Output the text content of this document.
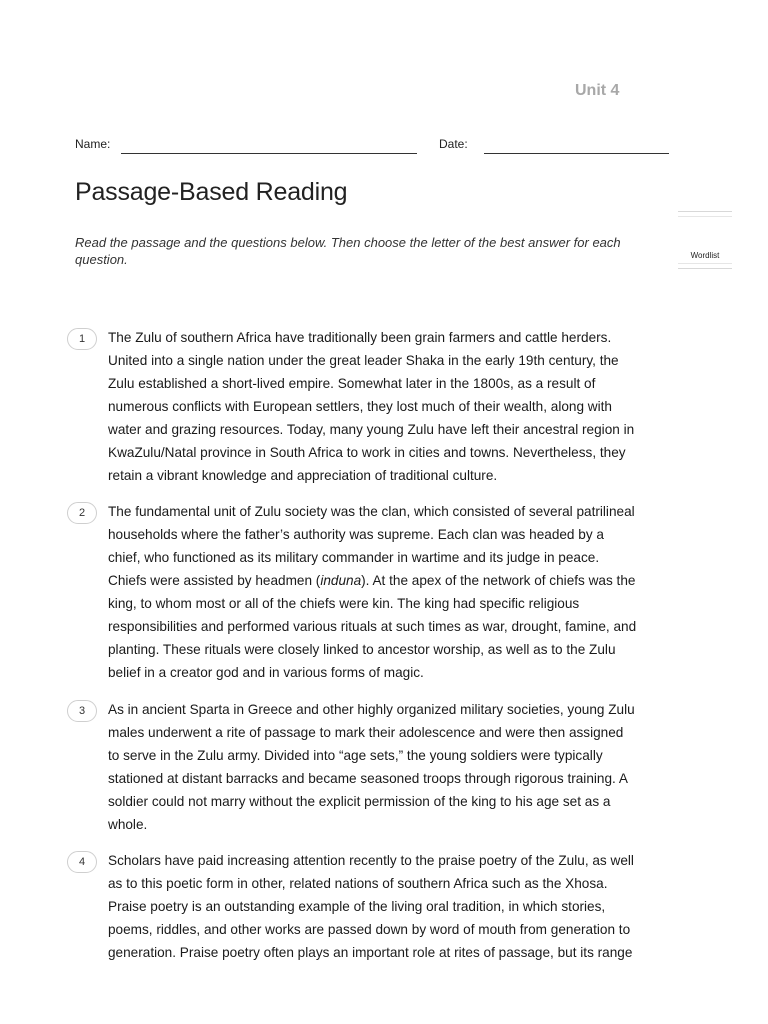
Unit 4
Name:	Date:
Passage-Based Reading
Read the passage and the questions below. Then choose the letter of the best answer for each
question.	Wordlist
1	The Zulu of southern Africa have traditionally been grain farmers and cattle herders.
United into a single nation under the great leader Shaka in the early 19th century, the
Zulu established a short-lived empire. Somewhat later in the 1800s, as a result of
numerous conflicts with European settlers, they lost much of their wealth, along with
water and grazing resources. Today, many young Zulu have left their ancestral region in
KwaZulu/Natal province in South Africa to work in cities and towns. Nevertheless, they
retain a vibrant knowledge and appreciation of traditional culture.
2	The fundamental unit of Zulu society was the clan, which consisted of several patrilineal
households where the father’s authority was supreme. Each clan was headed by a
chief, who functioned as its military commander in wartime and its judge in peace.
Chiefs were assisted by headmen (induna). At the apex of the network of chiefs was the
king, to whom most or all of the chiefs were kin. The king had specific religious
responsibilities and performed various rituals at such times as war, drought, famine, and
planting. These rituals were closely linked to ancestor worship, as well as to the Zulu
belief in a creator god and in various forms of magic.
3	As in ancient Sparta in Greece and other highly organized military societies, young Zulu
males underwent a rite of passage to mark their adolescence and were then assigned
to serve in the Zulu army. Divided into “age sets,” the young soldiers were typically
stationed at distant barracks and became seasoned troops through rigorous training. A
soldier could not marry without the explicit permission of the king to his age set as a
whole.
4	Scholars have paid increasing attention recently to the praise poetry of the Zulu, as well
as to this poetic form in other, related nations of southern Africa such as the Xhosa.
Praise poetry is an outstanding example of the living oral tradition, in which stories,
poems, riddles, and other works are passed down by word of mouth from generation to
generation. Praise poetry often plays an important role at rites of passage, but its range
